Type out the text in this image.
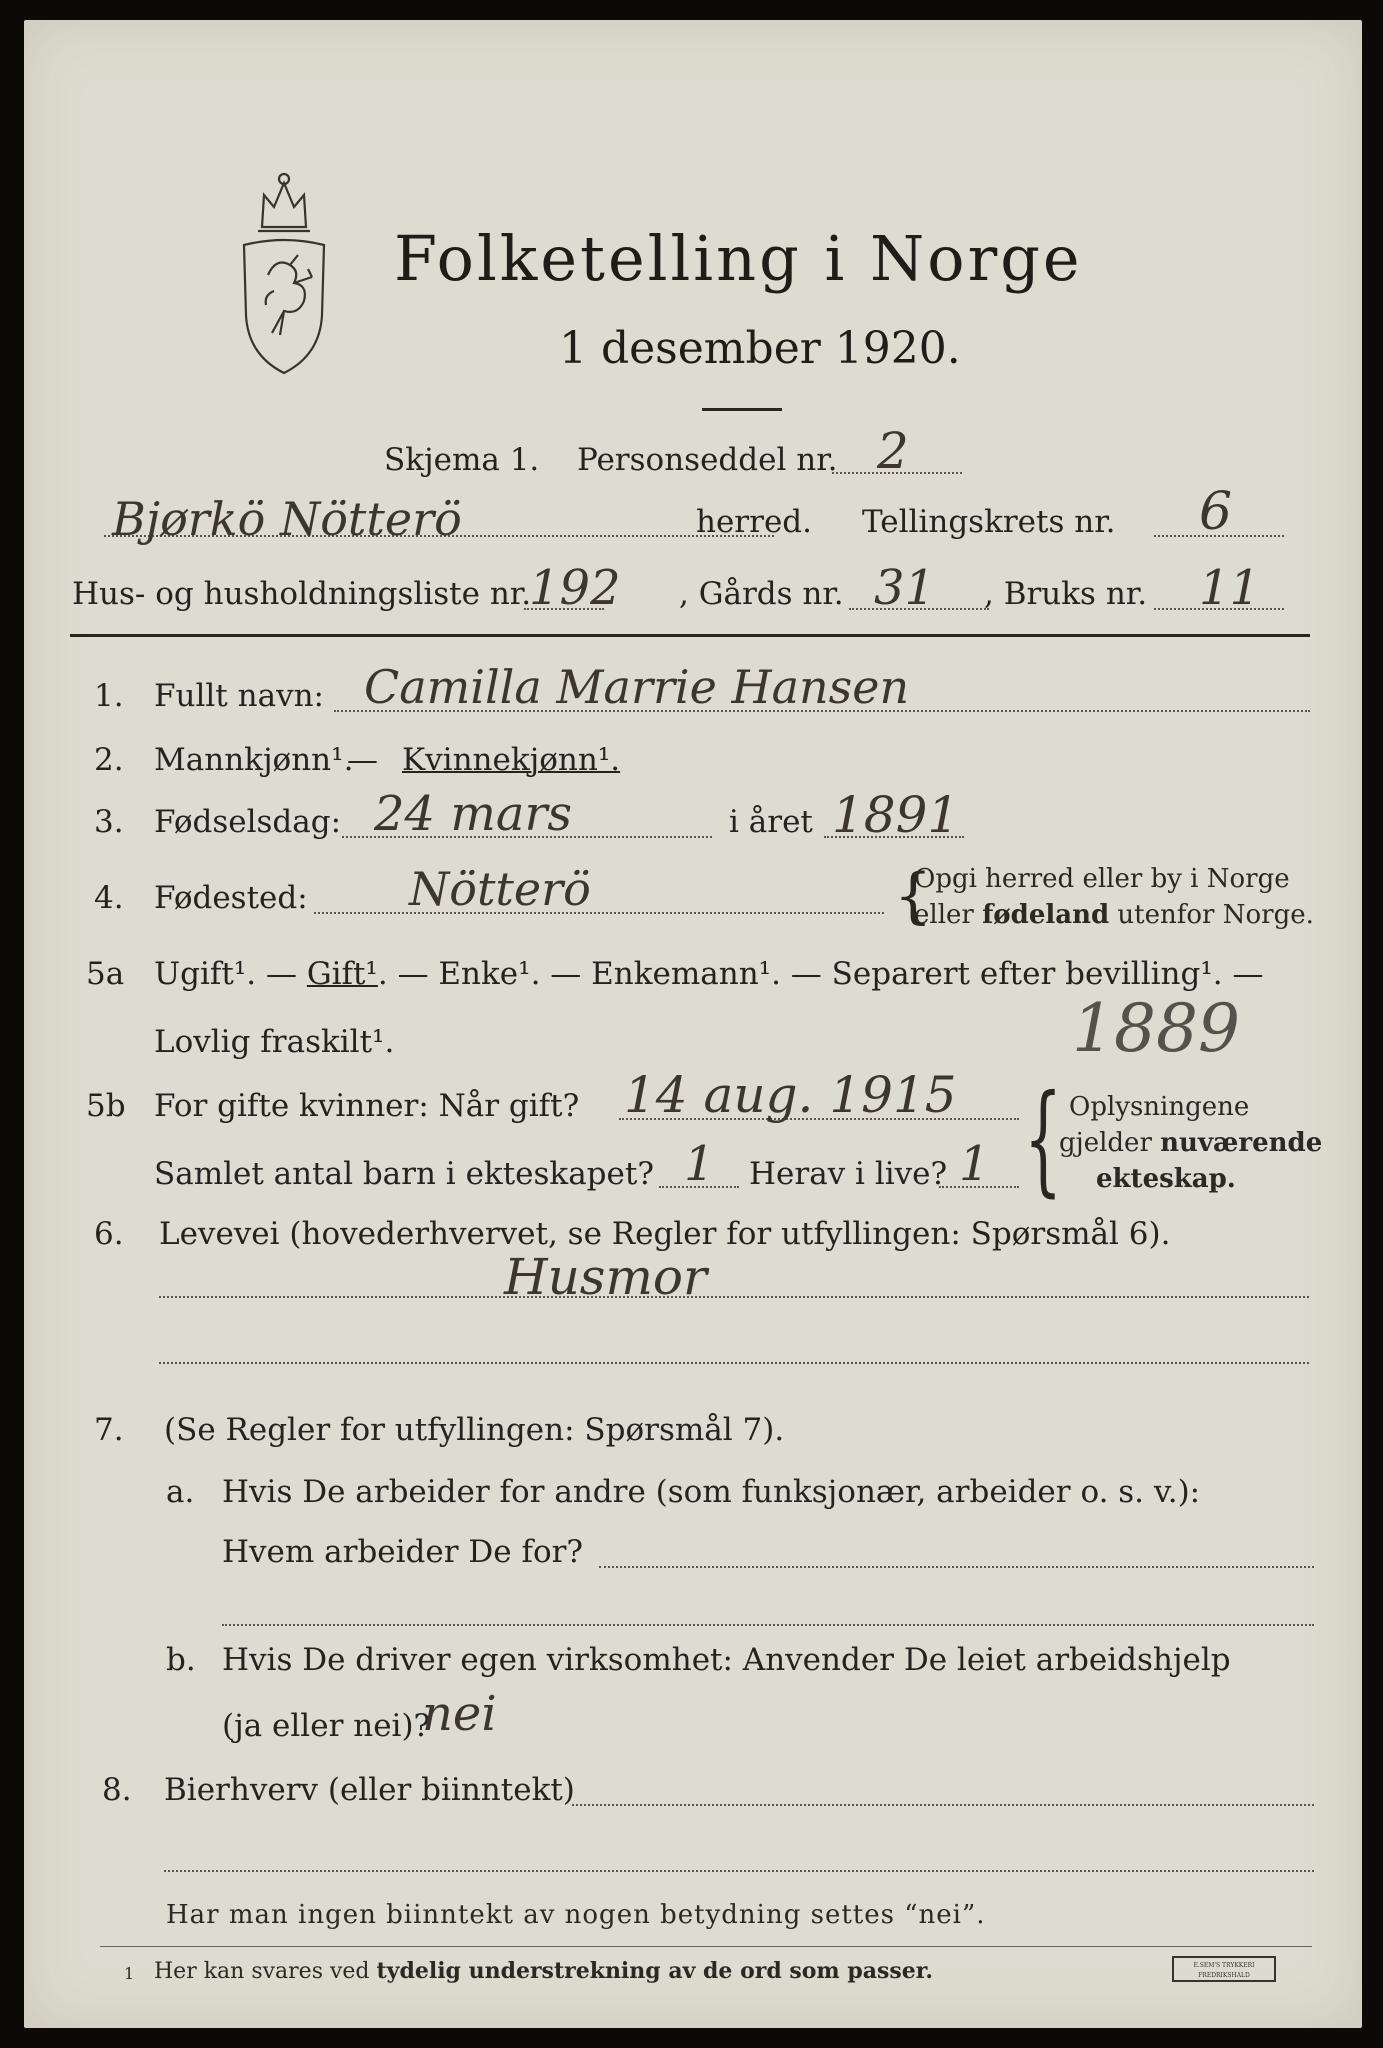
Folketelling i Norge
1 desember 1920.
Skjema 1. Personseddel nr. 2
Bjørkö Nötterö	herred. Tellingskrets nr. 6
Hus- og husholdningsliste nr.
192 , Gårds nr. 31 , Bruks nr. 11
1. Fullt navn: Camilla Marrie Hansen
2. Mannkjønn¹.
— Kvinnekjønn¹.
3. Fødselsdag: 24 mars	i året 1891
4. Fødested: Nötterö	{
Opgi herred eller by i Norge
eller fødeland utenfor Norge.
5a Ugift¹. — Gift¹. — Enke¹. — Enkemann¹. — Separert efter bevilling¹. —
Lovlig fraskilt¹.	1889
5b For gifte kvinner: Når gift? 14 aug. 1915
Samlet antal barn i ekteskapet? 1 Herav i live? 1 { Oplysningene
gjelder nuværende
ekteskap.
6. Levevei (hovederhvervet, se Regler for utfyllingen: Spørsmål 6).
Husmor
7. (Se Regler for utfyllingen: Spørsmål 7).
a. Hvis De arbeider for andre (som funksjonær, arbeider o. s. v.):
Hvem arbeider De for?
b. Hvis De driver egen virksomhet: Anvender De leiet arbeidshjelp
(ja eller nei)?
nei
8. Bierhverv (eller biinntekt)
Har man ingen biinntekt av nogen betydning settes “nei”.
1 Her kan svares ved tydelig understrekning av de ord som passer.	E.SEM'S TRYKKERI FREDRIKSHALD
